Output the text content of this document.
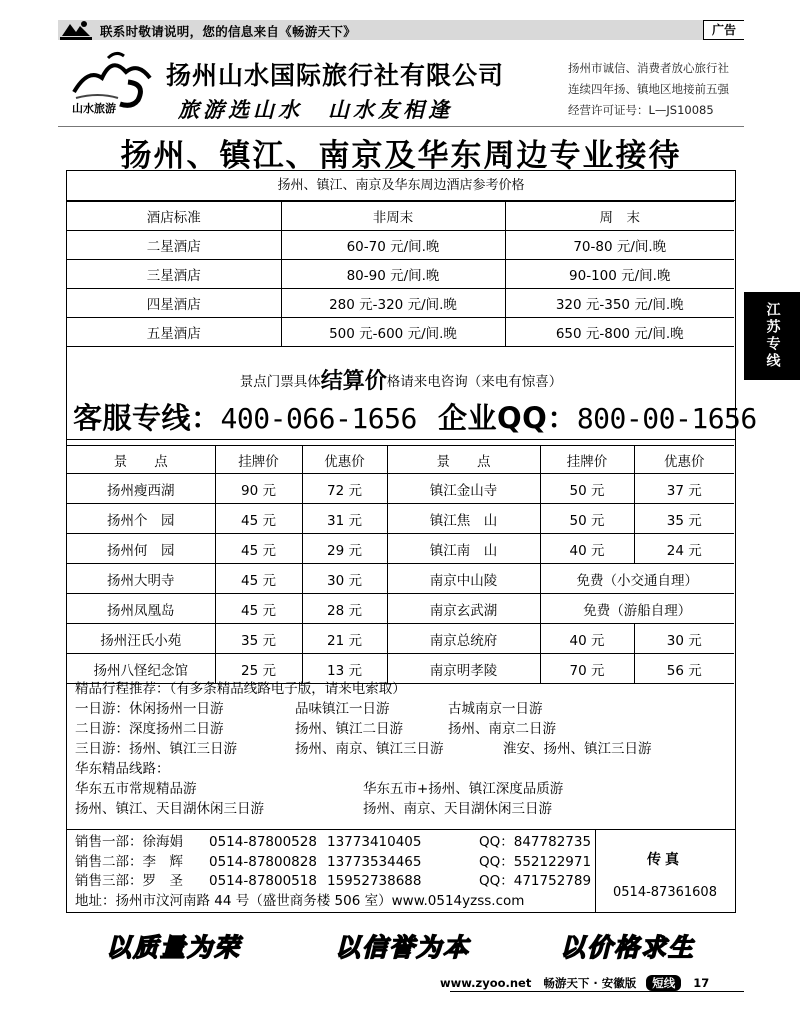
联系时敬请说明，您的信息来自《畅游天下》	广告
江苏专线
山水旅游
扬州山水国际旅行社有限公司
旅游选山水　山水友相逢
扬州市诚信、消费者放心旅行社
连续四年扬、镇地区地接前五强
经营许可证号：L—JS10085
扬州、镇江、南京及华东周边专业接待
扬州、镇江、南京及华东周边酒店参考价格
酒店标准	非周末	周　末
二星酒店	60-70 元/间.晚	70-80 元/间.晚
三星酒店	80-90 元/间.晚	90-100 元/间.晚
四星酒店	280 元-320 元/间.晚	320 元-350 元/间.晚
五星酒店	500 元-600 元/间.晚	650 元-800 元/间.晚
景点门票具体结算价格请来电咨询（来电有惊喜）
客服专线：400-066-1656 企业QQ：800-00-1656
景　　点	挂牌价	优惠价	景　　点	挂牌价	优惠价
扬州瘦西湖	90 元	72 元	镇江金山寺	50 元	37 元
扬州个　园	45 元	31 元	镇江焦　山	50 元	35 元
扬州何　园	45 元	29 元	镇江南　山	40 元	24 元
扬州大明寺	45 元	30 元	南京中山陵	免费（小交通自理）	
扬州凤凰岛	45 元	28 元	南京玄武湖	免费（游船自理）	
扬州汪氏小苑	35 元	21 元	南京总统府	40 元	30 元
扬州八怪纪念馆	25 元	13 元	南京明孝陵	70 元	56 元
精品行程推荐：（有多条精品线路电子版，请来电索取）
一日游：休闲扬州一日游	品味镇江一日游	古城南京一日游
二日游：深度扬州二日游	扬州、镇江二日游	扬州、南京二日游
三日游：扬州、镇江三日游	扬州、南京、镇江三日游	淮安、扬州、镇江三日游
华东精品线路：
华东五市常规精品游	华东五市+扬州、镇江深度品质游
扬州、镇江、天目湖休闲三日游	扬州、南京、天目湖休闲三日游
销售一部：徐海娟 0514-87800528 13773410405	QQ：847782735
销售二部：李　辉 0514-87800828 13773534465	QQ：552122971
销售三部：罗　圣 0514-87800518 15952738688	QQ：471752789
地址：扬州市汶河南路 44 号（盛世商务楼 506 室）www.0514yzss.com
传真
0514-87361608
以质量为荣	以信誉为本	以价格求生
www.zyoo.net 畅游天下 · 安徽版 短线 17
